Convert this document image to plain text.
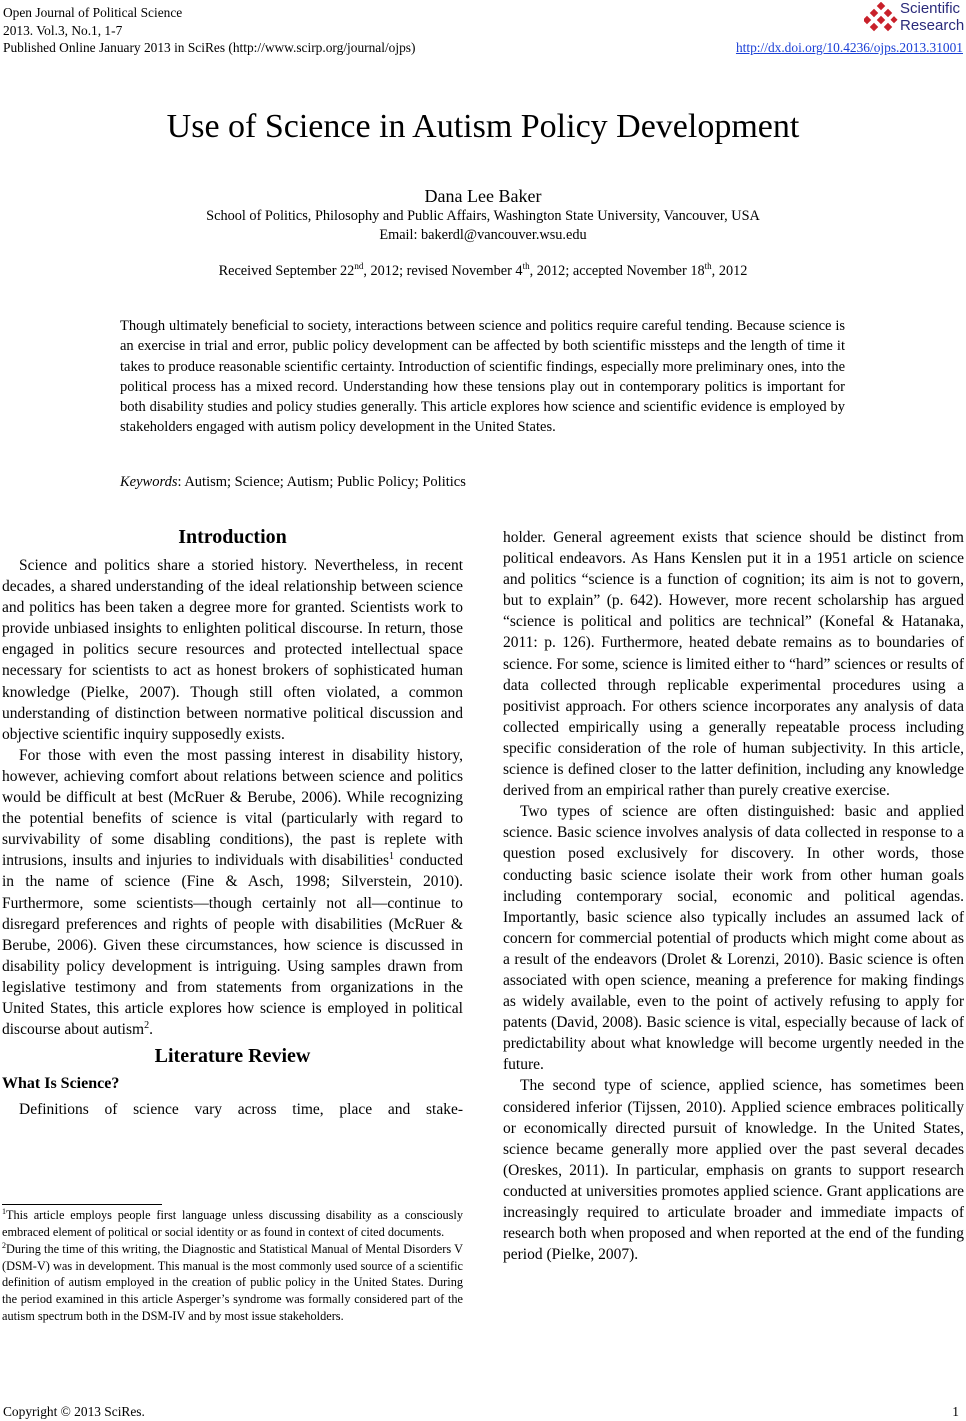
Open Journal of Political Science
2013. Vol.3, No.1, 1-7
Published Online January 2013 in SciRes (http://www.scirp.org/journal/ojps)	http://dx.doi.org/10.4236/ojps.2013.31001
Scientific
Research
Use of Science in Autism Policy Development
Dana Lee Baker
School of Politics, Philosophy and Public Affairs, Washington State University, Vancouver, USA
Email: bakerdl@vancouver.wsu.edu
Received September 22nd, 2012; revised November 4th, 2012; accepted November 18th, 2012
Though ultimately beneficial to society, interactions between science and politics require careful tending. Because science is an exercise in trial and error, public policy development can be affected by both scientific missteps and the length of time it takes to produce reasonable scientific certainty. Introduction of scientific findings, especially more preliminary ones, into the political process has a mixed record. Understanding how these tensions play out in contemporary politics is important for both disability studies and policy studies generally. This article explores how science and scientific evidence is employed by stakeholders engaged with autism policy development in the United States.
Keywords: Autism; Science; Autism; Public Policy; Politics
Introduction

Science and politics share a storied history. Nevertheless, in recent decades, a shared understanding of the ideal relationship between science and politics has been taken a degree more for granted. Scientists work to provide unbiased insights to enlighten political discourse. In return, those engaged in politics secure resources and protected intellectual space necessary for scientists to act as honest brokers of sophisticated human knowledge (Pielke, 2007). Though still often violated, a common understanding of distinction between normative political discussion and objective scientific inquiry supposedly exists.

For those with even the most passing interest in disability history, however, achieving comfort about relations between science and politics would be difficult at best (McRuer & Berube, 2006). While recognizing the potential benefits of science is vital (particularly with regard to survivability of some disabling conditions), the past is replete with intrusions, insults and injuries to individuals with disabilities$^1$ conducted in the name of science (Fine & Asch, 1998; Silverstein, 2010). Furthermore, some scientists—though certainly not all—continue to disregard preferences and rights of people with disabilities (McRuer & Berube, 2006). Given these circumstances, how science is discussed in disability policy development is intriguing. Using samples drawn from legislative testimony and from statements from organizations in the United States, this article explores how science is employed in political discourse about autism$^2$.

Literature Review
What Is Science?

Definitions of science vary across time, place and stake-

holder. General agreement exists that science should be distinct from political endeavors. As Hans Kenslen put it in a 1951 article on science and politics “science is a function of cognition; its aim is not to govern, but to explain” (p. 642). However, more recent scholarship has argued “science is political and politics are technical” (Konefal & Hatanaka, 2011: p. 126). Furthermore, heated debate remains as to boundaries of science. For some, science is limited either to “hard” sciences or results of data collected through replicable experimental procedures using a positivist approach. For others science incorporates any analysis of data collected empirically using a generally repeatable process including specific consideration of the role of human subjectivity. In this article, science is defined closer to the latter definition, including any knowledge derived from an empirical rather than purely creative exercise.

Two types of science are often distinguished: basic and applied science. Basic science involves analysis of data collected in response to a question posed exclusively for discovery. In other words, those conducting basic science isolate their work from other human goals including contemporary social, economic and political agendas. Importantly, basic science also typically includes an assumed lack of concern for commercial potential of products which might come about as a result of the endeavors (Drolet & Lorenzi, 2010). Basic science is often associated with open science, meaning a preference for making findings as widely available, even to the point of actively refusing to apply for patents (David, 2008). Basic science is vital, especially because of lack of predictability about what knowledge will become urgently needed in the future.

The second type of science, applied science, has sometimes been considered inferior (Tijssen, 2010). Applied science embraces politically or economically directed pursuit of knowledge. In the United States, science became generally more applied over the past several decades (Oreskes, 2011). In particular, emphasis on grants to support research conducted at universities promotes applied science. Grant applications are increasingly required to articulate broader and immediate impacts of research both when proposed and when reported at the end of the funding period (Pielke, 2007).

$^1$This article employs people first language unless discussing disability as a consciously embraced element of political or social identity or as found in context of cited documents.

$^2$During the time of this writing, the Diagnostic and Statistical Manual of Mental Disorders V (DSM-V) was in development. This manual is the most commonly used source of a scientific definition of autism employed in the creation of public policy in the United States. During the period examined in this article Asperger’s syndrome was formally considered part of the autism spectrum both in the DSM-IV and by most issue stakeholders.

Copyright © 2013 SciRes.	1
